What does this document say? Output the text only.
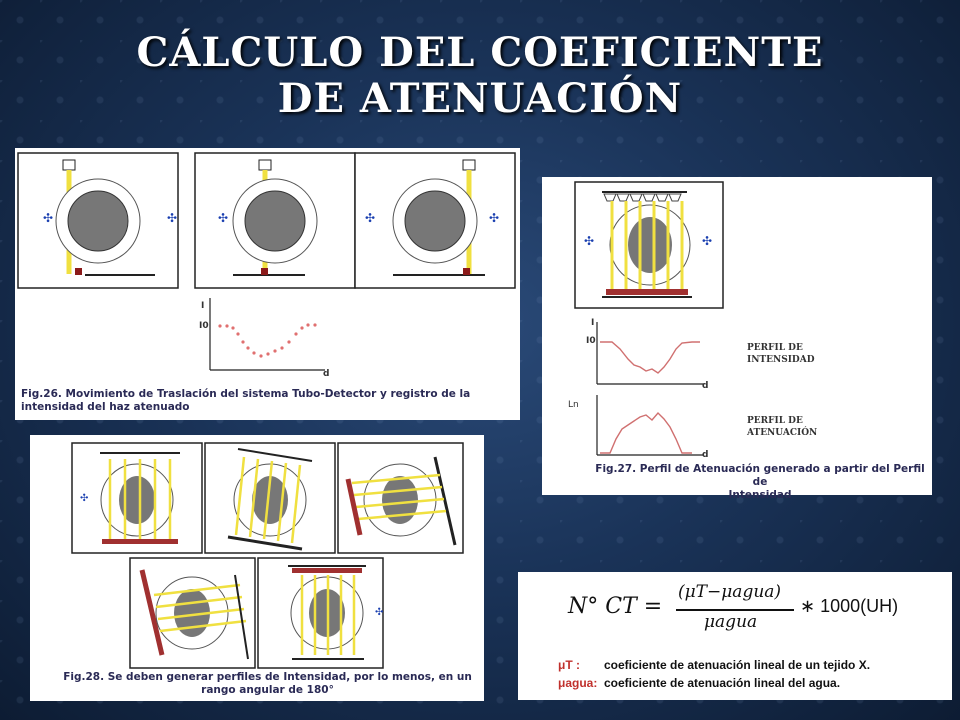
CÁLCULO DEL COEFICIENTE
DE ATENUACIÓN
✣	✣	✣	✣	✣
I
I0
d
Fig.26. Movimiento de Traslación del sistema Tubo-Detector y registro de la
intensidad del haz atenuado
✣	✣
I
I0
d
Ln
d
PERFIL DE
INTENSIDAD
PERFIL DE
ATENUACIÓN
Fig.27. Perfil de Atenuación generado a partir del Perfil de
Intensidad
✣
✣
Fig.28. Se deben generar perfiles de Intensidad, por lo menos, en un
rango angular de 180°
N° CT =
(μT−μagua)
μagua
∗ 1000(UH)
μT : coeficiente de atenuación lineal de un tejido X.
μagua: coeficiente de atenuación lineal del agua.
